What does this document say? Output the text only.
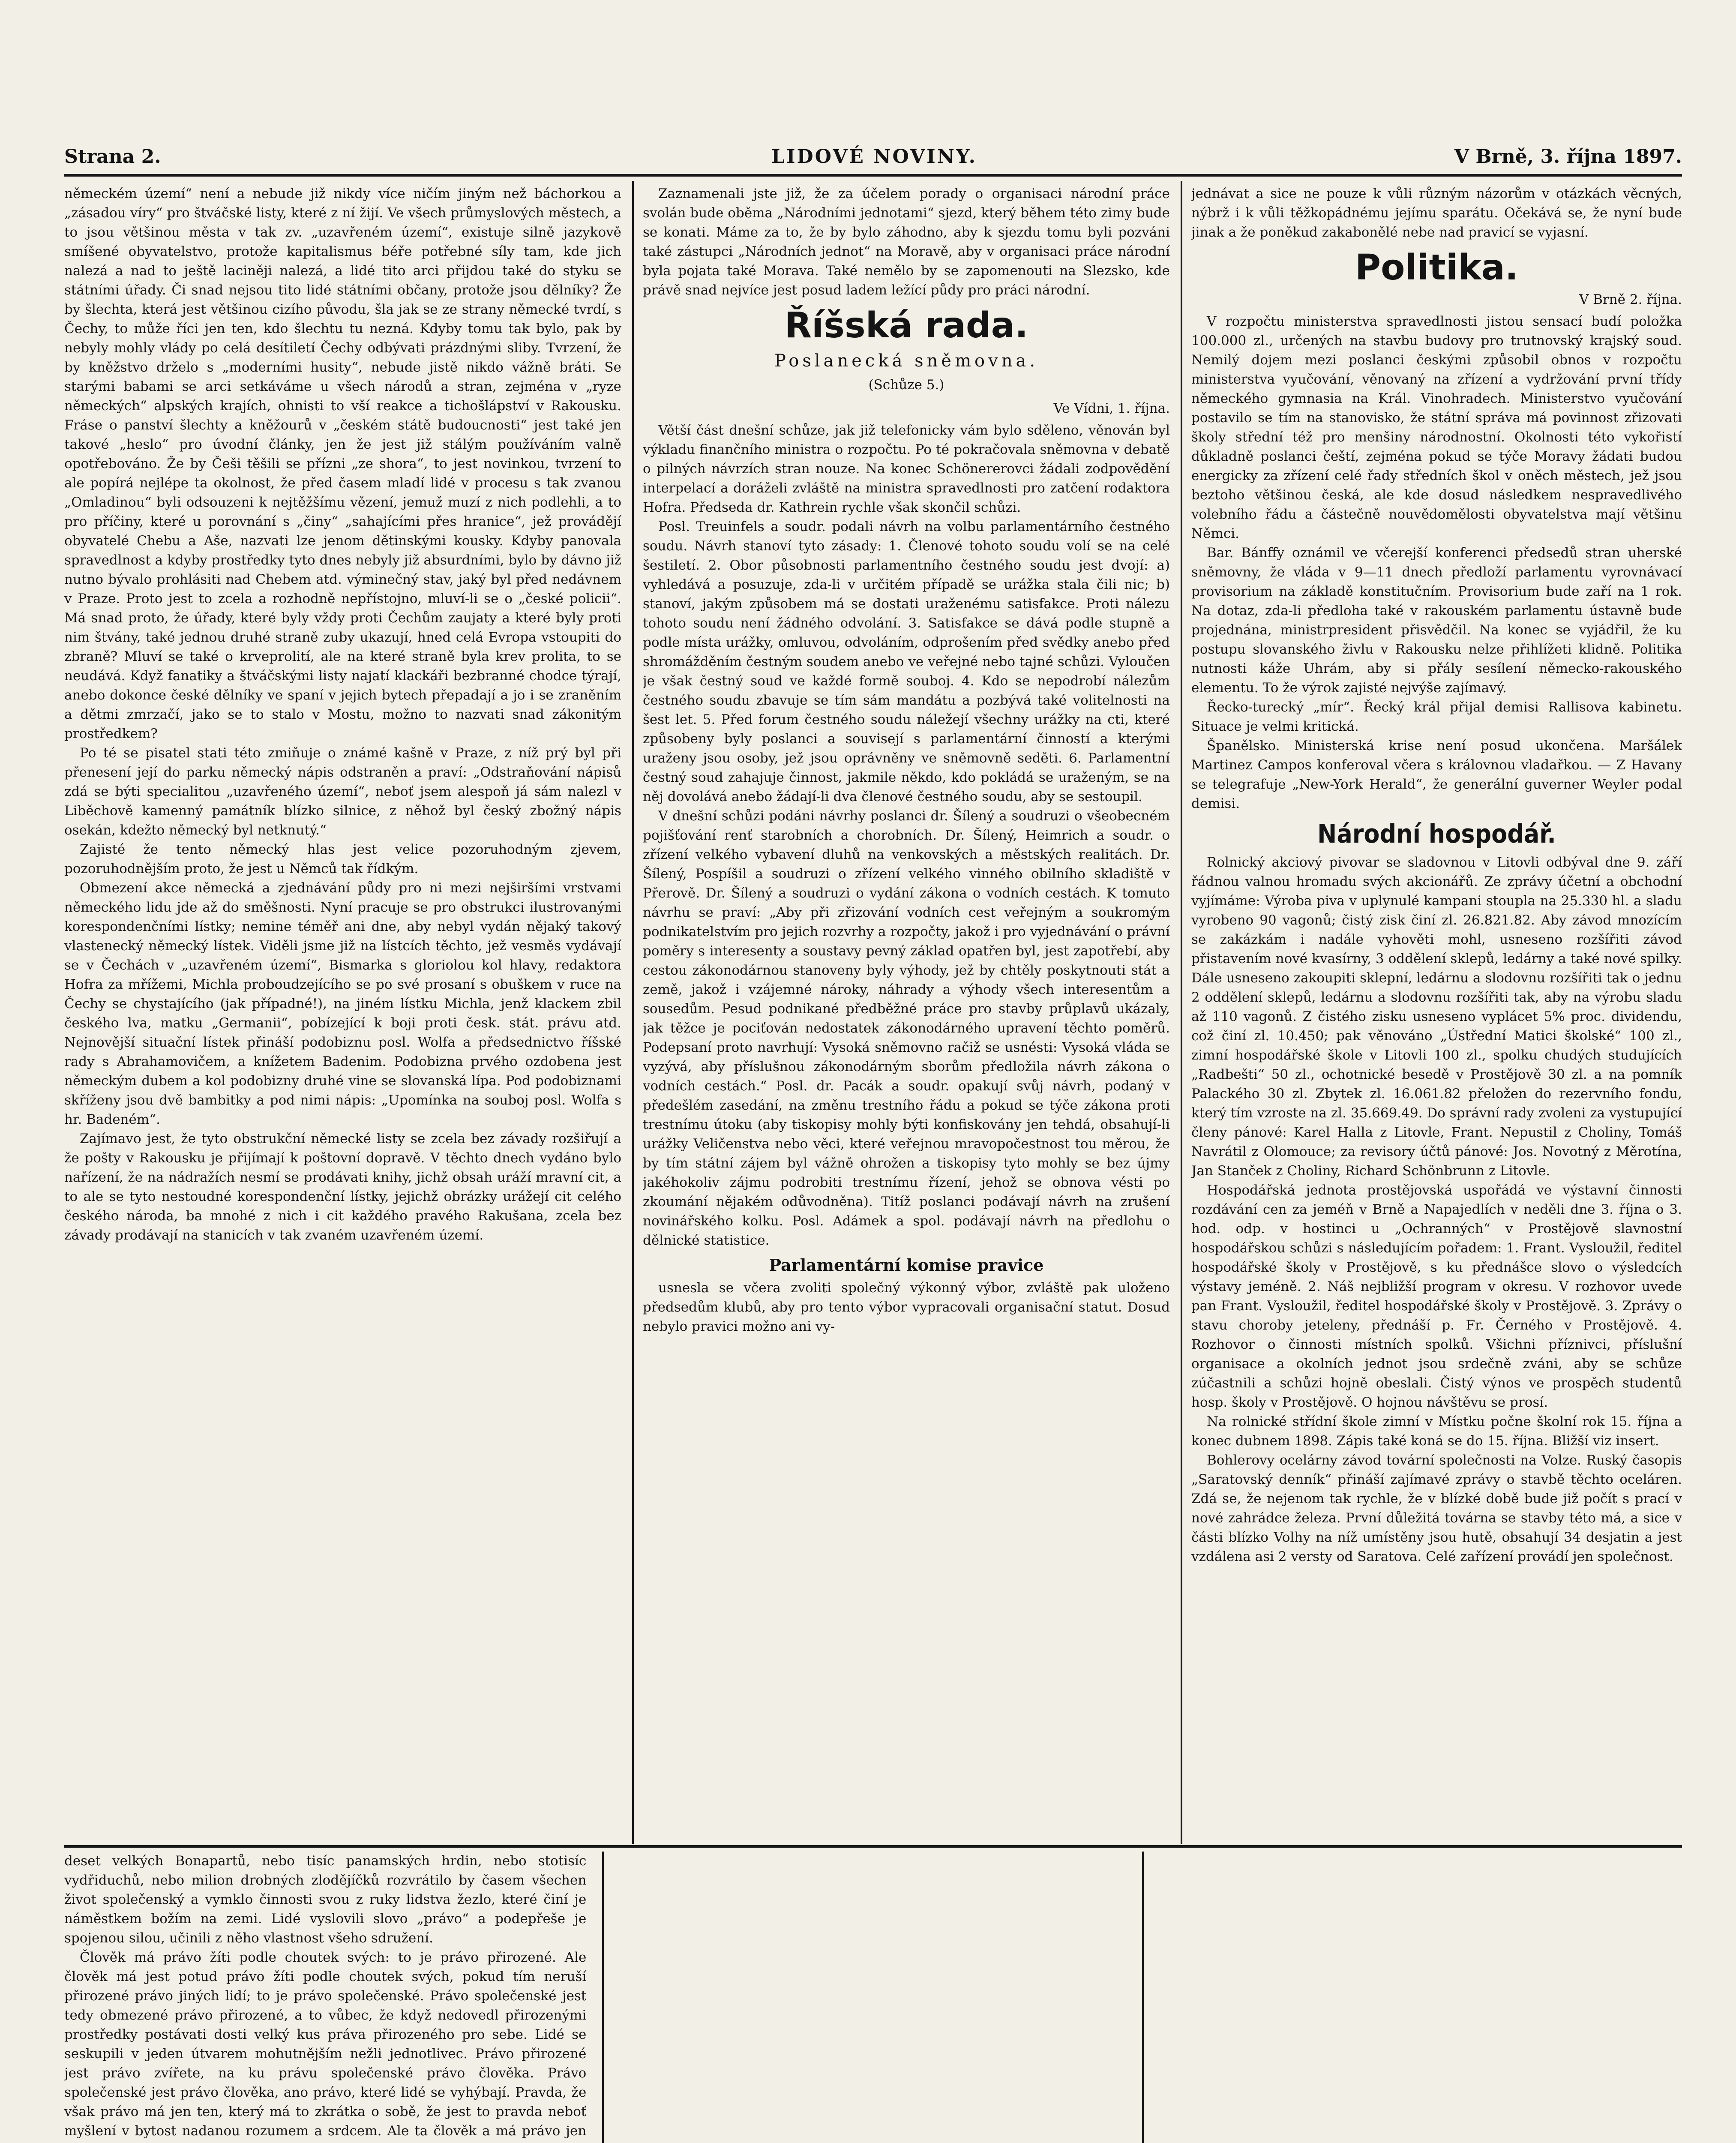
Strana 2.	LIDOVÉ NOVINY.	V Brně, 3. října 1897.

německém území“ není a nebude již nikdy více ničím jiným než báchorkou a „zásadou víry“ pro štváčské listy, které z ní žijí. Ve všech průmyslových městech, a to jsou většinou města v tak zv. „uzavřeném území“, existuje silně jazykově smíšené obyvatelstvo, protože kapitalismus béře potřebné síly tam, kde jich nalezá a nad to ještě laciněji nalezá, a lidé tito arci přijdou také do styku se státními úřady. Či snad nejsou tito lidé státními občany, protože jsou dělníky? Že by šlechta, která jest většinou cizího původu, šla jak se ze strany německé tvrdí, s Čechy, to může říci jen ten, kdo šlechtu tu nezná. Kdyby tomu tak bylo, pak by nebyly mohly vlády po celá desítiletí Čechy odbývati prázdnými sliby. Tvrzení, že by kněžstvo drželo s „moderními husity“, nebude jistě nikdo vážně bráti. Se starými babami se arci setkáváme u všech národů a stran, zejména v „ryze německých“ alpských krajích, ohnisti to vší reakce a tichošlápství v Rakousku. Fráse o panství šlechty a kněžourů v „českém státě budoucnosti“ jest také jen takové „heslo“ pro úvodní články, jen že jest již stálým používáním valně opotřebováno. Že by Češi těšili se přízni „ze shora“, to jest novinkou, tvrzení to ale popírá nejlépe ta okolnost, že před časem mladí lidé v procesu s tak zvanou „Omladinou“ byli odsouzeni k nejtěžšímu vězení, jemuž muzí z nich podlehli, a to pro příčiny, které u porovnání s „činy“ „sahajícími přes hranice“, jež provádějí obyvatelé Chebu a Aše, nazvati lze jenom dětinskými kousky. Kdyby panovala spravedlnost a kdyby prostředky tyto dnes nebyly již absurdními, bylo by dávno již nutno bývalo prohlásiti nad Chebem atd. výminečný stav, jaký byl před nedávnem v Praze. Proto jest to zcela a rozhodně nepřístojno, mluví-li se o „české policii“. Má snad proto, že úřady, které byly vždy proti Čechům zaujaty a které byly proti nim štvány, také jednou druhé straně zuby ukazují, hned celá Evropa vstoupiti do zbraně? Mluví se také o krveprolití, ale na které straně byla krev prolita, to se neudává. Když fanatiky a štváčskými listy najatí klackáři bezbranné chodce týrají, anebo dokonce české dělníky ve spaní v jejich bytech přepadají a jo i se zraněním a dětmi zmrzačí, jako se to stalo v Mostu, možno to nazvati snad zákonitým prostředkem?

Po té se pisatel stati této zmiňuje o známé kašně v Praze, z níž prý byl při přenesení její do parku německý nápis odstraněn a praví: „Odstraňování nápisů zdá se býti specialitou „uzavřeného území“, neboť jsem alespoň já sám nalezl v Liběchově kamenný památník blízko silnice, z něhož byl český zbožný nápis osekán, kdežto německý byl netknutý.“

Zajisté že tento německý hlas jest velice pozoruhodným zjevem, pozoruhodnějším proto, že jest u Němců tak řídkým.

Obmezení akce německá a zjednávání půdy pro ni mezi nejširšími vrstvami německého lidu jde až do směšnosti. Nyní pracuje se pro obstrukci ilustrovanými korespondenčními lístky; nemine téměř ani dne, aby nebyl vydán nějaký takový vlastenecký německý lístek. Viděli jsme již na lístcích těchto, jež vesměs vydávají se v Čechách v „uzavřeném území“, Bismarka s gloriolou kol hlavy, redaktora Hofra za mřížemi, Michla proboudzejícího se po své prosaní s obuškem v ruce na Čechy se chystajícího (jak případné!), na jiném lístku Michla, jenž klackem zbil českého lva, matku „Germanii“, pobízející k boji proti česk. stát. právu atd. Nejnovější situační lístek přináší podobiznu posl. Wolfa a předsednictvo říšské rady s Abrahamovičem, a knížetem Badenim. Podobizna prvého ozdobena jest německým dubem a kol podobizny druhé vine se slovanská lípa. Pod podobiznami skříženy jsou dvě bambitky a pod nimi nápis: „Upomínka na souboj posl. Wolfa s hr. Badeném“.

Zajímavo jest, že tyto obstrukční německé listy se zcela bez závady rozšiřují a že pošty v Rakousku je přijímají k poštovní dopravě. V těchto dnech vydáno bylo nařízení, že na nádražích nesmí se prodávati knihy, jichž obsah uráží mravní cit, a to ale se tyto nestoudné korespondenční lístky, jejichž obrázky urážejí cit celého českého národa, ba mnohé z nich i cit každého pravého Rakušana, zcela bez závady prodávají na stanicích v tak zvaném uzavřeném území.

Zaznamenali jste již, že za účelem porady o organisaci národní práce svolán bude oběma „Národními jednotami“ sjezd, který během této zimy bude se konati. Máme za to, že by bylo záhodno, aby k sjezdu tomu byli pozváni také zástupci „Národních jednot“ na Moravě, aby v organisaci práce národní byla pojata také Morava. Také nemělo by se zapomenouti na Slezsko, kde právě snad nejvíce jest posud ladem ležící půdy pro práci národní.

Říšská rada.
Poslanecká sněmovna.
(Schůze 5.)
Ve Vídni, 1. října.

Větší část dnešní schůze, jak již telefonicky vám bylo sděleno, věnován byl výkladu finančního ministra o rozpočtu. Po té pokračovala sněmovna v debatě o pilných návrzích stran nouze. Na konec Schönererovci žádali zodpovědění interpelací a doráželi zvláště na ministra spravedlnosti pro zatčení rodaktora Hofra. Předseda dr. Kathrein rychle však skončil schůzi.

Posl. Treuinfels a soudr. podali návrh na volbu parlamentárního čestného soudu. Návrh stanoví tyto zásady: 1. Členové tohoto soudu volí se na celé šestiletí. 2. Obor působnosti parlamentního čestného soudu jest dvojí: a) vyhledává a posuzuje, zda-li v určitém případě se urážka stala čili nic; b) stanoví, jakým způsobem má se dostati uraženému satisfakce. Proti nálezu tohoto soudu není žádného odvolání. 3. Satisfakce se dává podle stupně a podle místa urážky, omluvou, odvoláním, odprošením před svědky anebo před shromážděním čestným soudem anebo ve veřejné nebo tajné schůzi. Vyloučen je však čestný soud ve každé formě souboj. 4. Kdo se nepodrobí nálezům čestného soudu zbavuje se tím sám mandátu a pozbývá také volitelnosti na šest let. 5. Před forum čestného soudu náležejí všechny urážky na cti, které způsobeny byly poslanci a souvisejí s parlamentární činností a kterými uraženy jsou osoby, jež jsou oprávněny ve sněmovně seděti. 6. Parlamentní čestný soud zahajuje činnost, jakmile někdo, kdo pokládá se uraženým, se na něj dovolává anebo žádají-li dva členové čestného soudu, aby se sestoupil.

V dnešní schůzi podáni návrhy poslanci dr. Šílený a soudruzi o všeobecném pojišťování renť starobních a chorobních. Dr. Šílený, Heimrich a soudr. o zřízení velkého vybavení dluhů na venkovských a městských realitách. Dr. Šílený, Pospíšil a soudruzi o zřízení velkého vinného obilního skladiště v Přerově. Dr. Šílený a soudruzi o vydání zákona o vodních cestách. K tomuto návrhu se praví: „Aby při zřizování vodních cest veřejným a soukromým podnikatelstvím pro jejich rozvrhy a rozpočty, jakož i pro vyjednávání o právní poměry s interesenty a soustavy pevný základ opatřen byl, jest zapotřebí, aby cestou zákonodárnou stanoveny byly výhody, jež by chtěly poskytnouti stát a země, jakož i vzájemné nároky, náhrady a výhody všech interesentům a sousedům. Pesud podnikané předběžné práce pro stavby průplavů ukázaly, jak těžce je pociťován nedostatek zákonodárného upravení těchto poměrů. Podepsaní proto navrhují: Vysoká sněmovno račiž se usnésti: Vysoká vláda se vyzývá, aby příslušnou zákonodárným sborům předložila návrh zákona o vodních cestách.“ Posl. dr. Pacák a soudr. opakují svůj návrh, podaný v předešlém zasedání, na změnu trestního řádu a pokud se týče zákona proti trestnímu útoku (aby tiskopisy mohly býti konfiskovány jen tehdá, obsahují-li urážky Veličenstva nebo věci, které veřejnou mravopočestnost tou měrou, že by tím státní zájem byl vážně ohrožen a tiskopisy tyto mohly se bez újmy jakéhokoliv zájmu podrobiti trestnímu řízení, jehož se obnova vésti po zkoumání nějakém odůvodněna). Titíž poslanci podávají návrh na zrušení novinářského kolku. Posl. Adámek a spol. podávají návrh na předlohu o dělnické statistice.

Parlamentární komise pravice

usnesla se včera zvoliti společný výkonný výbor, zvláště pak uloženo předsedům klubů, aby pro tento výbor vypracovali organisační statut. Dosud nebylo pravici možno ani vy-

jednávat a sice ne pouze k vůli různým názorům v otázkách věcných, nýbrž i k vůli těžkopádnému jejímu sparátu. Očekává se, že nyní bude jinak a že poněkud zakabonělé nebe nad pravicí se vyjasní.

Politika.
V Brně 2. října.

V rozpočtu ministerstva spravedlnosti jistou sensací budí položka 100.000 zl., určených na stavbu budovy pro trutnovský krajský soud. Nemilý dojem mezi poslanci českými způsobil obnos v rozpočtu ministerstva vyučování, věnovaný na zřízení a vydržování první třídy německého gymnasia na Král. Vinohradech. Ministerstvo vyučování postavilo se tím na stanovisko, že státní správa má povinnost zřizovati školy střední též pro menšiny národnostní. Okolnosti této vykořistí důkladně poslanci čeští, zejména pokud se týče Moravy žádati budou energicky za zřízení celé řady středních škol v oněch městech, jež jsou beztoho většinou česká, ale kde dosud následkem nespravedlivého volebního řádu a částečně nouvědomělosti obyvatelstva mají většinu Němci.

Bar. Bánffy oznámil ve včerejší konferenci předsedů stran uherské sněmovny, že vláda v 9—11 dnech předloží parlamentu vyrovnávací provisorium na základě konstitučním. Provisorium bude zaří na 1 rok. Na dotaz, zda-li předloha také v rakouském parlamentu ústavně bude projednána, ministrpresident přisvědčil. Na konec se vyjádřil, že ku postupu slovanského živlu v Rakousku nelze přihlížeti klidně. Politika nutnosti káže Uhrám, aby si přály sesílení německo-rakouského elementu. To že výrok zajisté nejvýše zajímavý.

Řecko-turecký „mír“. Řecký král přijal demisi Rallisova kabinetu. Situace je velmi kritická.

Španělsko. Ministerská krise není posud ukončena. Maršálek Martinez Campos konferoval včera s královnou vladařkou. — Z Havany se telegrafuje „New-York Herald“, že generální guverner Weyler podal demisi.

Národní hospodář.

Rolnický akciový pivovar se sladovnou v Litovli odbýval dne 9. září řádnou valnou hromadu svých akcionářů. Ze zprávy účetní a obchodní vyjímáme: Výroba piva v uplynulé kampani stoupla na 25.330 hl. a sladu vyrobeno 90 vagonů; čistý zisk činí zl. 26.821.82. Aby závod mnozícím se zakázkám i nadále vyhověti mohl, usneseno rozšířiti závod přistavením nové kvasírny, 3 oddělení sklepů, ledárny a také nové spilky. Dále usneseno zakoupiti sklepní, ledárnu a slodovnu rozšířiti tak o jednu 2 oddělení sklepů, ledárnu a slodovnu rozšířiti tak, aby na výrobu sladu až 110 vagonů. Z čistého zisku usneseno vyplácet 5% proc. dividendu, což činí zl. 10.450; pak věnováno „Ústřední Matici školské“ 100 zl., zimní hospodářské škole v Litovli 100 zl., spolku chudých studujících „Radbešti“ 50 zl., ochotnické besedě v Prostějově 30 zl. a na pomník Palackého 30 zl. Zbytek zl. 16.061.82 přeložen do rezervního fondu, který tím vzroste na zl. 35.669.49. Do správní rady zvoleni za vystupující členy pánové: Karel Halla z Litovle, Frant. Nepustil z Choliny, Tomáš Navrátil z Olomouce; za revisory účtů pánové: Jos. Novotný z Měrotína, Jan Stanček z Choliny, Richard Schönbrunn z Litovle.

Hospodářská jednota prostějovská uspořádá ve výstavní činnosti rozdávání cen za jeméň v Brně a Napajedlích v neděli dne 3. října o 3. hod. odp. v hostinci u „Ochranných“ v Prostějově slavnostní hospodářskou schůzi s následujícím pořadem: 1. Frant. Vysloužil, ředitel hospodářské školy v Prostějově, s ku přednášce slovo o výsledcích výstavy jeméně. 2. Náš nejbližší program v okresu. V rozhovor uvede pan Frant. Vysloužil, ředitel hospodářské školy v Prostějově. 3. Zprávy o stavu choroby jeteleny, přednáší p. Fr. Černého v Prostějově. 4. Rozhovor o činnosti místních spolků. Všichni příznivci, příslušní organisace a okolních jednot jsou srdečně zváni, aby se schůze zúčastnili a schůzi hojně obeslali. Čistý výnos ve prospěch studentů hosp. školy v Prostějově. O hojnou návštěvu se prosí.

Na rolnické střídní škole zimní v Místku počne školní rok 15. října a konec dubnem 1898. Zápis také koná se do 15. října. Bližší viz insert.

Bohlerovy ocelárny závod tovární společnosti na Volze. Ruský časopis „Saratovský denník“ přináší zajímavé zprávy o stavbě těchto oceláren. Zdá se, že nejenom tak rychle, že v blízké době bude již počít s prací v nové zahrádce železa. První důležitá továrna se stavby této má, a sice v části blízko Volhy na níž umístěny jsou hutě, obsahují 34 desjatin a jest vzdálena asi 2 versty od Saratova. Celé zařízení provádí jen společnost.

deset velkých Bonapartů, nebo tisíc panamských hrdin, nebo stotisíc vydřiduchů, nebo milion drobných zlodějíčků rozvrátilo by časem všechen život společenský a vymklo činnosti svou z ruky lidstva žezlo, které činí je náměstkem božím na zemi. Lidé vyslovili slovo „právo“ a podepřeše je spojenou silou, učinili z něho vlastnost všeho sdružení.

Člověk má právo žíti podle choutek svých: to je právo přirozené. Ale člověk má jest potud právo žíti podle choutek svých, pokud tím neruší přirozené právo jiných lidí; to je právo společenské. Právo společenské jest tedy obmezené právo přirozené, a to vůbec, že když nedovedl přirozenými prostředky postávati dosti velký kus práva přirozeného pro sebe. Lidé se seskupili v jeden útvarem mohutnějším nežli jednotlivec. Právo přirozené jest právo zvířete, na ku právu společenské právo člověka. Právo společenské jest právo člověka, ano právo, které lidé se vyhýbají. Pravda, že však právo má jen ten, který má to zkrátka o sobě, že jest to pravda neboť myšlení v bytost nadanou rozumem a srdcem. Ale ta člověk a má právo jen
